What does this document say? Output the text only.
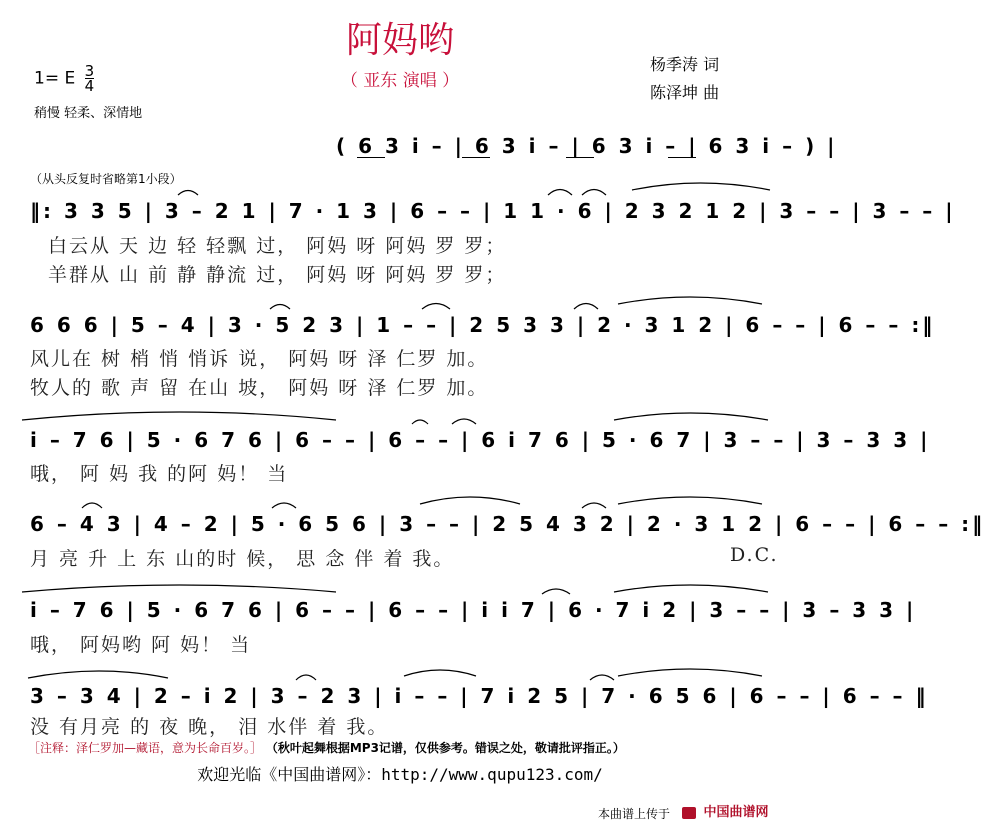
阿妈哟
（ 亚东 演唱 ）
杨季涛 词
陈泽坤 曲
1= E $\frac{3}{4}$
稍慢 轻柔、深情地
( 6 3 i – | 6 3 i – | 6 3 i – | 6 3 i – ) |
（从头反复时省略第1小段）
‖: 3 3 5 | 3 – 2 1 | 7 · 1 3 | 6 – – | 1 1 · 6 | 2 3 2 1 2 | 3 – – | 3 – – |
白云从 天 边 轻 轻飘 过， 阿妈 呀 阿妈 罗 罗；
羊群从 山 前 静 静流 过， 阿妈 呀 阿妈 罗 罗；
6 6 6 | 5 – 4 | 3 · 5 2 3 | 1 – – | 2 5 3 3 | 2 · 3 1 2 | 6 – – | 6 – – :‖
风儿在 树 梢 悄 悄诉 说， 阿妈 呀 泽 仁罗 加。
牧人的 歌 声 留 在山 坡， 阿妈 呀 泽 仁罗 加。
i – 7 6 | 5 · 6 7 6 | 6 – – | 6 – – | 6 i 7 6 | 5 · 6 7 | 3 – – | 3 – 3 3 |
哦， 阿 妈 我 的阿 妈！ 当
6 – 4 3 | 4 – 2 | 5 · 6 5 6 | 3 – – | 2 5 4 3 2 | 2 · 3 1 2 | 6 – – | 6 – – :‖
月 亮 升 上 东 山的时 候， 思 念 伴 着 我。	D.C.
i – 7 6 | 5 · 6 7 6 | 6 – – | 6 – – | i i 7 | 6 · 7 i 2 | 3 – – | 3 – 3 3 |
哦， 阿妈哟 阿 妈！ 当
3 – 3 4 | 2 – i 2 | 3 – 2 3 | i – – | 7 i 2 5 | 7 · 6 5 6 | 6 – – | 6 – – ‖
没 有月亮 的 夜 晚， 泪 水伴 着 我。
［注释：泽仁罗加—藏语，意为长命百岁。］ （秋叶起舞根据MP3记谱，仅供参考。错误之处，敬请批评指正。）
欢迎光临《中国曲谱网》：http://www.qupu123.com/
本曲谱上传于	中国曲谱网
